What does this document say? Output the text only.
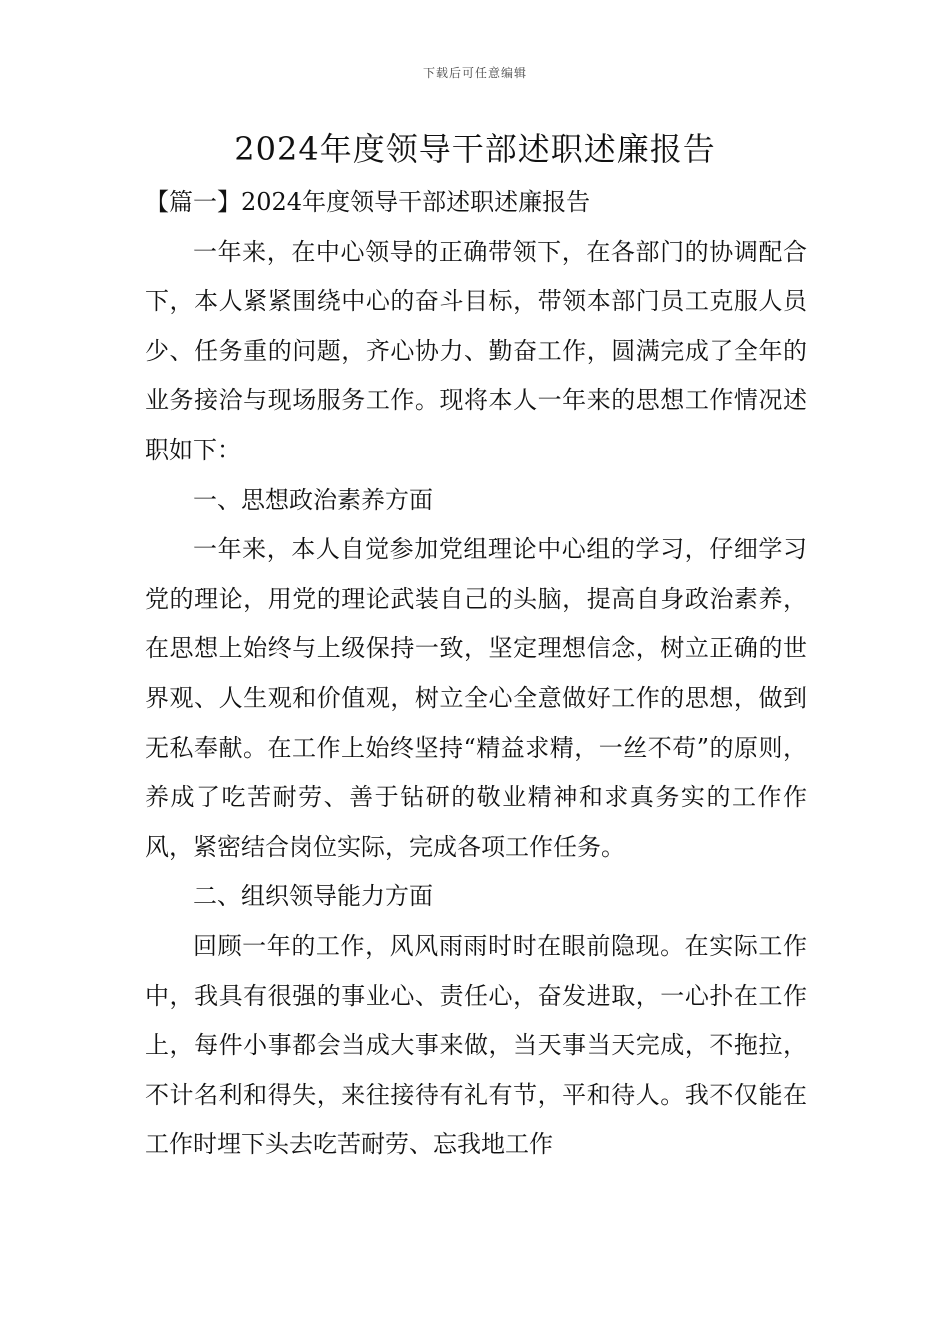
下载后可任意编辑
2024年度领导干部述职述廉报告

【篇一】2024年度领导干部述职述廉报告

一年来，在中心领导的正确带领下，在各部门的协调配合下，本人紧紧围绕中心的奋斗目标，带领本部门员工克服人员少、任务重的问题，齐心协力、勤奋工作，圆满完成了全年的业务接洽与现场服务工作。现将本人一年来的思想工作情况述职如下：

一、思想政治素养方面

一年来，本人自觉参加党组理论中心组的学习，仔细学习党的理论，用党的理论武装自己的头脑，提高自身政治素养，在思想上始终与上级保持一致，坚定理想信念，树立正确的世界观、人生观和价值观，树立全心全意做好工作的思想，做到无私奉献。在工作上始终坚持“精益求精，一丝不苟”的原则，养成了吃苦耐劳、善于钻研的敬业精神和求真务实的工作作风，紧密结合岗位实际，完成各项工作任务。

二、组织领导能力方面

回顾一年的工作，风风雨雨时时在眼前隐现。在实际工作中，我具有很强的事业心、责任心，奋发进取，一心扑在工作上，每件小事都会当成大事来做，当天事当天完成，不拖拉，不计名利和得失，来往接待有礼有节，平和待人。我不仅能在工作时埋下头去吃苦耐劳、忘我地工作
